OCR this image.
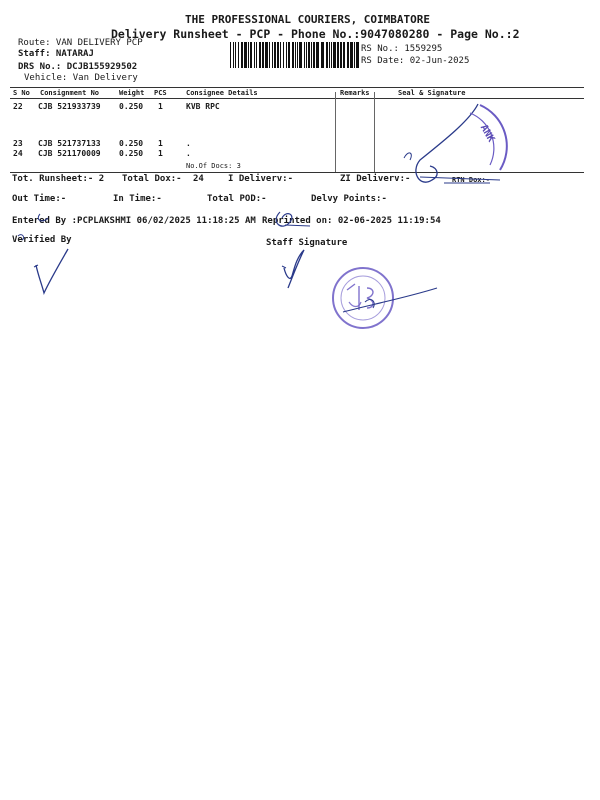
THE PROFESSIONAL COURIERS, COIMBATORE
Delivery Runsheet - PCP - Phone No.:9047080280 - Page No.:2
Route: VAN DELIVERY PCP
Staff: NATARAJ
DRS No.: DCJB155929502
Vehicle: Van Delivery
RS No.: 1559295
RS Date: 02-Jun-2025
S No Consignment No	Weight PCS	Consignee Details	Remarks	Seal & Signature
22 CJB 521933739 0.250 1	KVB RPC
23 CJB 521737133 0.250 1	.
24 CJB 521170009 0.250 1	.
No.Of Docs: 3
Tot. Runsheet:- 2 Total Dox:- 24	I Deliverv:-	ZI Deliverv:-	RTN Dox:-
Out Time:-	In Time:-	Total POD:-	Delvy Points:-
Entered By :PCPLAKSHMI 06/02/2025 11:18:25 AM Reprinted on: 02-06-2025 11:19:54
Verified By	Staff Signature
ANK
